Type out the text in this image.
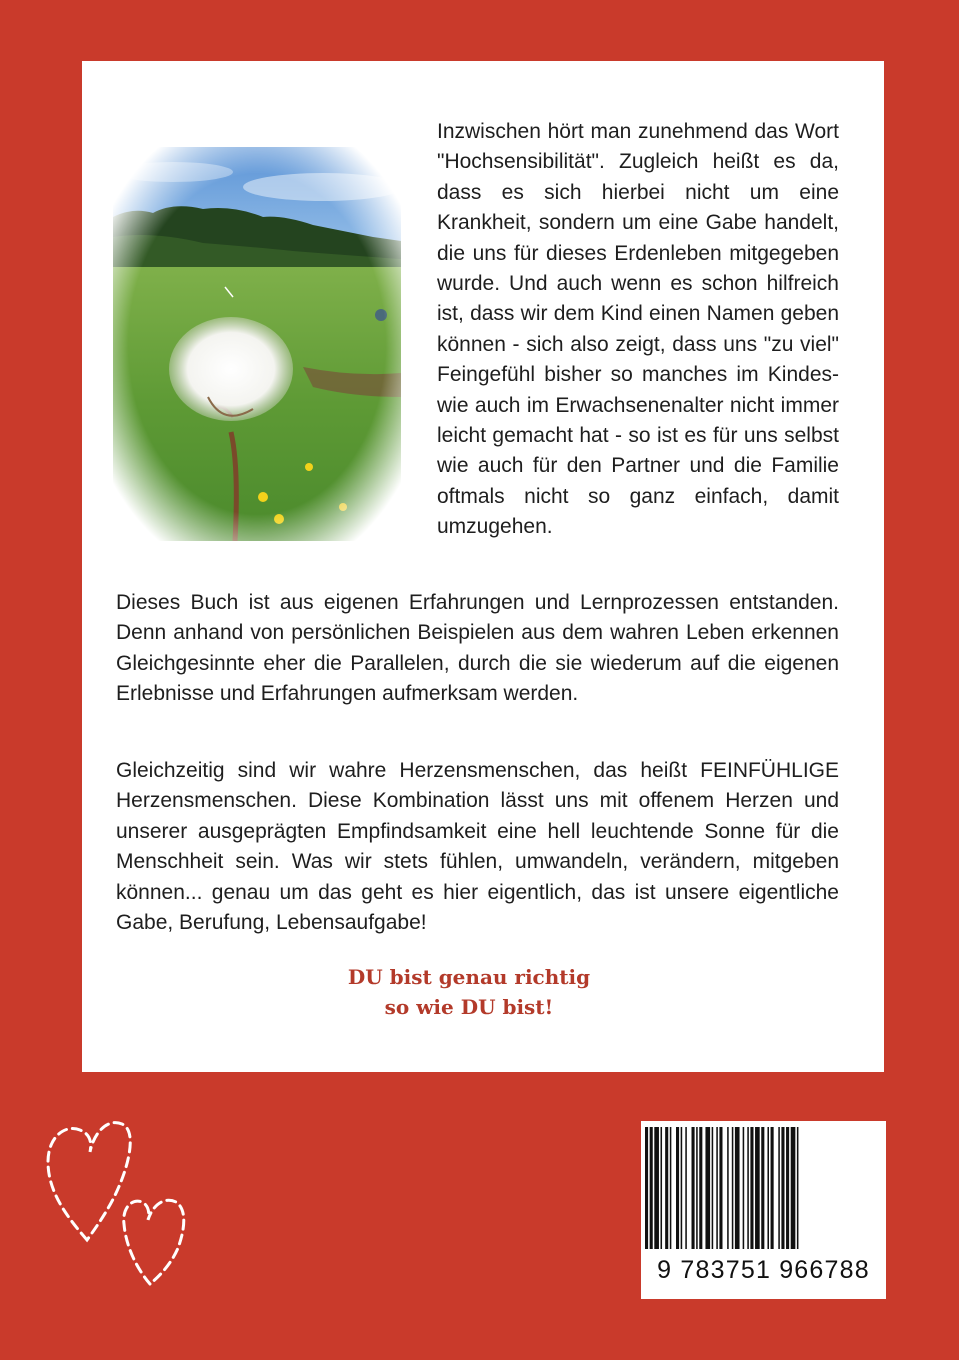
Inzwischen hört man zunehmend das Wort "Hochsensibilität". Zugleich heißt es da, dass es sich hierbei nicht um eine Krankheit, sondern um eine Gabe handelt, die uns für dieses Erdenleben mitgegeben wurde. Und auch wenn es schon hilfreich ist, dass wir dem Kind einen Namen geben können - sich also zeigt, dass uns "zu viel" Feingefühl bisher so manches im Kindes- wie auch im Erwachsenenalter nicht immer leicht gemacht hat - so ist es für uns selbst wie auch für den Partner und die Familie oftmals nicht so ganz einfach, damit umzugehen.

Dieses Buch ist aus eigenen Erfahrungen und Lernprozessen entstanden. Denn anhand von persönlichen Beispielen aus dem wahren Leben erkennen Gleichgesinnte eher die Parallelen, durch die sie wiederum auf die eigenen Erlebnisse und Erfahrungen aufmerksam werden.

Gleichzeitig sind wir wahre Herzensmenschen, das heißt FEINFÜHLIGE Herzensmenschen. Diese Kombination lässt uns mit offenem Herzen und unserer ausgeprägten Empfindsamkeit eine hell leuchtende Sonne für die Menschheit sein. Was wir stets fühlen, umwandeln, verändern, mitgeben können... genau um das geht es hier eigentlich, das ist unsere eigentliche Gabe, Berufung, Lebensaufgabe!

DU bist genau richtig
so wie DU bist!
9 783751 966788
